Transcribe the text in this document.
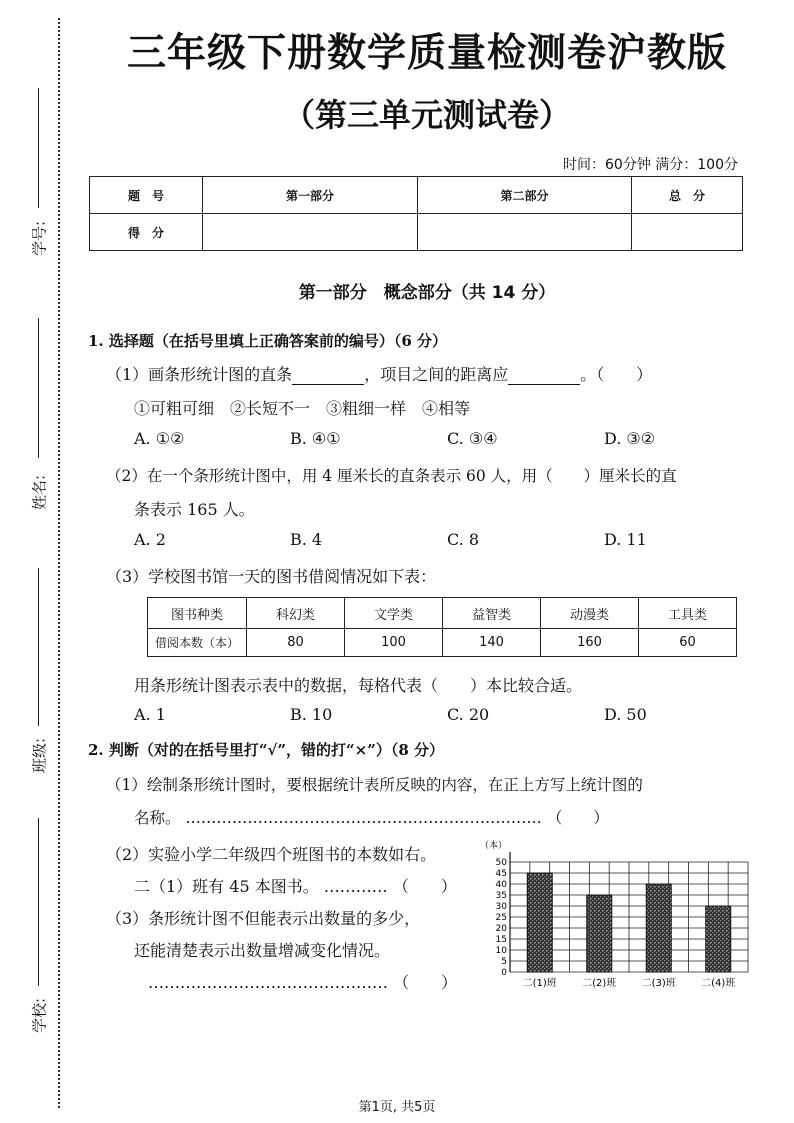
学号:
姓名:
班级:
学校:
三年级下册数学质量检测卷沪教版
（第三单元测试卷）
时间：60分钟 满分：100分
题　号	第一部分	第二部分	总　分
得　分			
第一部分　概念部分（共 14 分）
1. 选择题（在括号里填上正确答案前的编号）（6 分）
（1）画条形统计图的直条	，项目之间的距离应	。（　　）
①可粗可细　②长短不一　③粗细一样　④相等
A. ①②	B. ④①	C. ③④	D. ③②
（2）在一个条形统计图中，用 4 厘米长的直条表示 60 人，用（　　）厘米长的直
条表示 165 人。
A. 2	B. 4	C. 8	D. 11
（3）学校图书馆一天的图书借阅情况如下表：
图书种类	科幻类	文学类	益智类	动漫类	工具类
借阅本数（本）	80	100	140	160	60
用条形统计图表示表中的数据，每格代表（　　）本比较合适。
A. 1	B. 10	C. 20	D. 50
2. 判断（对的在括号里打“√”，错的打“×”）（8 分）
（1）绘制条形统计图时，要根据统计表所反映的内容，在正上方写上统计图的
名称。 …………………………………………………………… （　　）
（2）实验小学二年级四个班图书的本数如右。
二（1）班有 45 本图书。 ………… （　　）
（3）条形统计图不但能表示出数量的多少，
还能清楚表示出数量增减变化情况。
……………………………………… （　　）
（本）
0
5
10
15
20
25
30
35
40
45
50
二(1)班	二(2)班	二(3)班	二(4)班
第1页, 共5页
